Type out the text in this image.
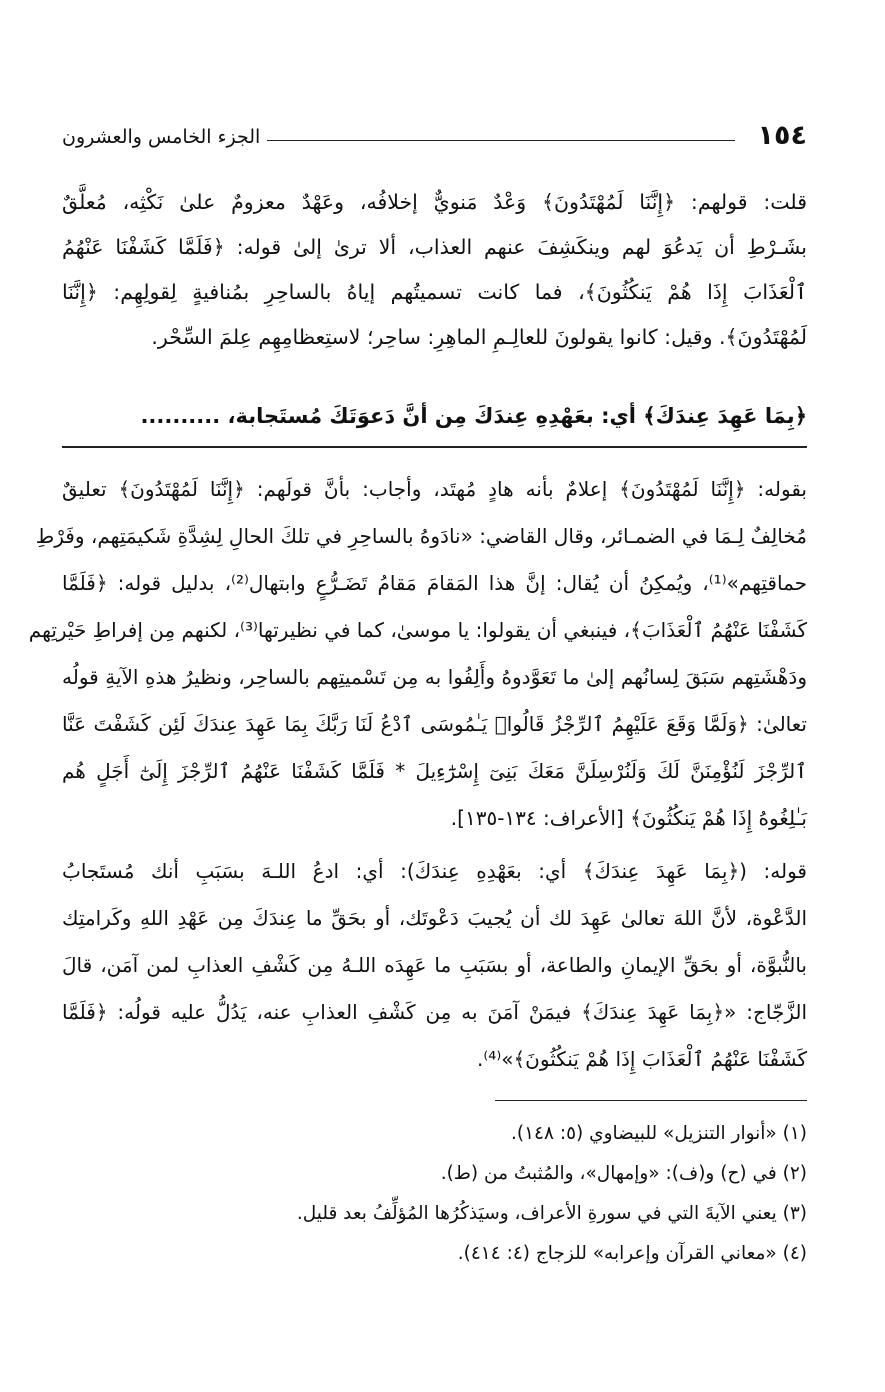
١٥٤
الجزء الخامس والعشرون
قلت: قولهم: ﴿إِنَّنَا لَمُهْتَدُونَ﴾ وَعْدٌ مَنويٌّ إخلافُه، وعَهْدٌ معزومٌ علىٰ نَكْثِه، مُعلَّقٌ
بشَـرْطِ أن يَدعُوَ لهم وينكَشِفَ عنهم العذاب، ألا ترىٰ إلىٰ قوله: ﴿فَلَمَّا كَشَفْنَا عَنْهُمُ
ٱلْعَذَابَ إِذَا هُمْ يَنكُثُونَ﴾، فما كانت تسميتُهم إياهُ بالساحِرِ بمُنافيةٍ لِقولِهِم: ﴿إِنَّنَا
لَمُهْتَدُونَ﴾. وقيل: كانوا يقولونَ للعالِـمِ الماهِرِ: ساحِر؛ لاستِعظامِهِم عِلمَ السِّحْر.
﴿بِمَا عَهِدَ عِندَكَ﴾ أي: بعَهْدِهِ عِندَكَ مِن أنَّ دَعوَتَكَ مُستَجابة، ..........
بقوله: ﴿إِنَّنَا لَمُهْتَدُونَ﴾ إعلامٌ بأنه هادٍ مُهتَد، وأجاب: بأنَّ قولَهم: ﴿إِنَّنَا لَمُهْتَدُونَ﴾ تعليقٌ
مُخالِفٌ لِـمَا في الضمـائر، وقال القاضي: «نادَوهُ بالساحِرِ في تلكَ الحالِ لِشِدَّةِ شَكيمَتِهم، وفَرْطِ
حماقتِهم»⁽¹⁾، ويُمكِنُ أن يُقال: إنَّ هذا المَقامَ مَقامُ تَضَـرُّعٍ وابتهال⁽²⁾، بدليل قوله: ﴿فَلَمَّا
كَشَفْنَا عَنْهُمُ ٱلْعَذَابَ﴾، فينبغي أن يقولوا: يا موسىٰ، كما في نظيرتها⁽³⁾، لكنهم مِن إفراطِ حَيْرتِهم
ودَهْشَتِهم سَبَقَ لِسانُهم إلىٰ ما تَعَوَّدوهُ وأَلِفُوا به مِن تَسْميتِهم بالساحِر، ونظيرُ هذهِ الآيةِ قولُه
تعالىٰ: ﴿وَلَمَّا وَقَعَ عَلَيْهِمُ ٱلرِّجْزُ قَالُوا۟ يَـٰمُوسَى ٱدْعُ لَنَا رَبَّكَ بِمَا عَهِدَ عِندَكَ لَئِن كَشَفْتَ عَنَّا
ٱلرِّجْزَ لَنُؤْمِنَنَّ لَكَ وَلَنُرْسِلَنَّ مَعَكَ بَنِىٓ إِسْرَٰٓءِيلَ * فَلَمَّا كَشَفْنَا عَنْهُمُ ٱلرِّجْزَ إِلَىٰٓ أَجَلٍ هُم
بَـٰلِغُوهُ إِذَا هُمْ يَنكُثُونَ﴾ [الأعراف: ١٣٤-١٣٥].
قوله: (﴿بِمَا عَهِدَ عِندَكَ﴾ أي: بعَهْدِهِ عِندَكَ): أي: ادعُ اللـهَ بسَبَبِ أنك مُستَجابُ
الدَّعْوة، لأنَّ اللهَ تعالىٰ عَهِدَ لك أن يُجيبَ دَعْوتَك، أو بحَقِّ ما عِندَكَ مِن عَهْدِ اللهِ وكَرامتِك
بالنُّبوَّة، أو بحَقِّ الإيمانِ والطاعة، أو بسَبَبِ ما عَهِدَه اللـهُ مِن كَشْفِ العذابِ لمن آمَن، قالَ
الزَّجّاج: «﴿بِمَا عَهِدَ عِندَكَ﴾ فيمَنْ آمَنَ به مِن كَشْفِ العذابِ عنه، يَدُلُّ عليه قولُه: ﴿فَلَمَّا
كَشَفْنَا عَنْهُمُ ٱلْعَذَابَ إِذَا هُمْ يَنكُثُونَ﴾»⁽⁴⁾.
(١) «أنوار التنزيل» للبيضاوي (٥: ١٤٨).
(٢) في (ح) و(ف): «وإمهال»، والمُثبتُ من (ط).
(٣) يعني الآيةَ التي في سورةِ الأعراف، وسيَذكُرُها المُؤلِّفُ بعد قليل.
(٤) «معاني القرآن وإعرابه» للزجاج (٤: ٤١٤).
